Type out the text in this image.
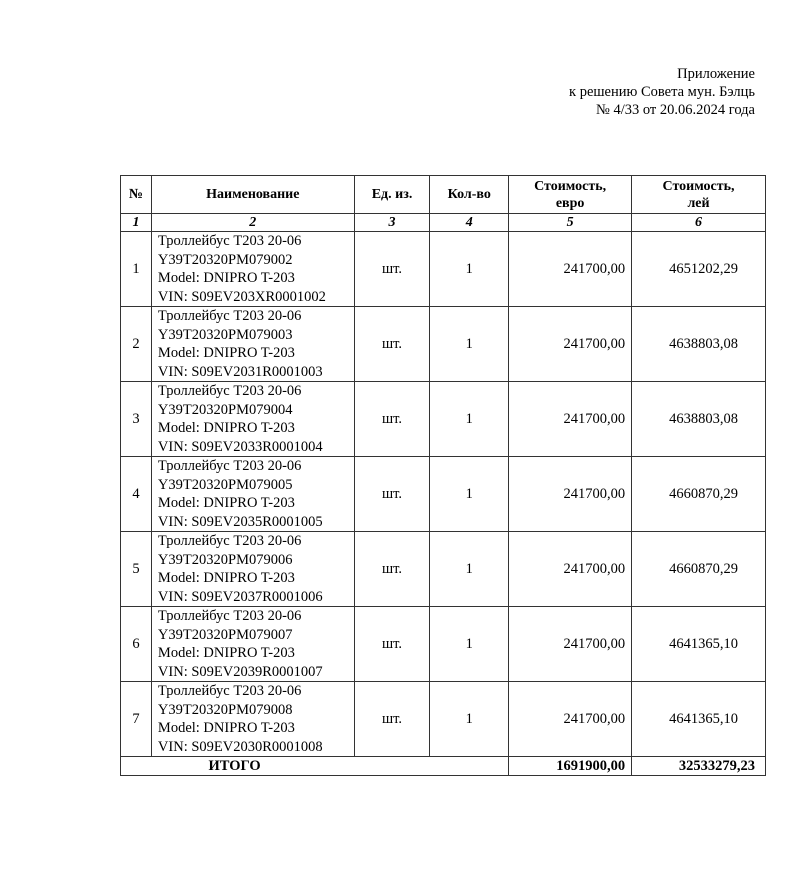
Приложение
к решению Совета мун. Бэлць
№ 4/33 от 20.06.2024 года
№	Наименование	Ед. из.	Кол-во	Стоимость, евро	Стоимость, лей
1	2	3	4	5	6
1	Троллейбус Т203 20-06
Y39T20320PM079002
Model: DNIPRO T-203
VIN: S09EV203XR0001002	шт.	1	241700,00	4651202,29
2	Троллейбус Т203 20-06
Y39T20320PM079003
Model: DNIPRO T-203
VIN: S09EV2031R0001003	шт.	1	241700,00	4638803,08
3	Троллейбус Т203 20-06
Y39T20320PM079004
Model: DNIPRO T-203
VIN: S09EV2033R0001004	шт.	1	241700,00	4638803,08
4	Троллейбус Т203 20-06
Y39T20320PM079005
Model: DNIPRO T-203
VIN: S09EV2035R0001005	шт.	1	241700,00	4660870,29
5	Троллейбус Т203 20-06
Y39T20320PM079006
Model: DNIPRO T-203
VIN: S09EV2037R0001006	шт.	1	241700,00	4660870,29
6	Троллейбус Т203 20-06
Y39T20320PM079007
Model: DNIPRO T-203
VIN: S09EV2039R0001007	шт.	1	241700,00	4641365,10
7	Троллейбус Т203 20-06
Y39T20320PM079008
Model: DNIPRO T-203
VIN: S09EV2030R0001008	шт.	1	241700,00	4641365,10
ИТОГО				1691900,00	32533279,23
